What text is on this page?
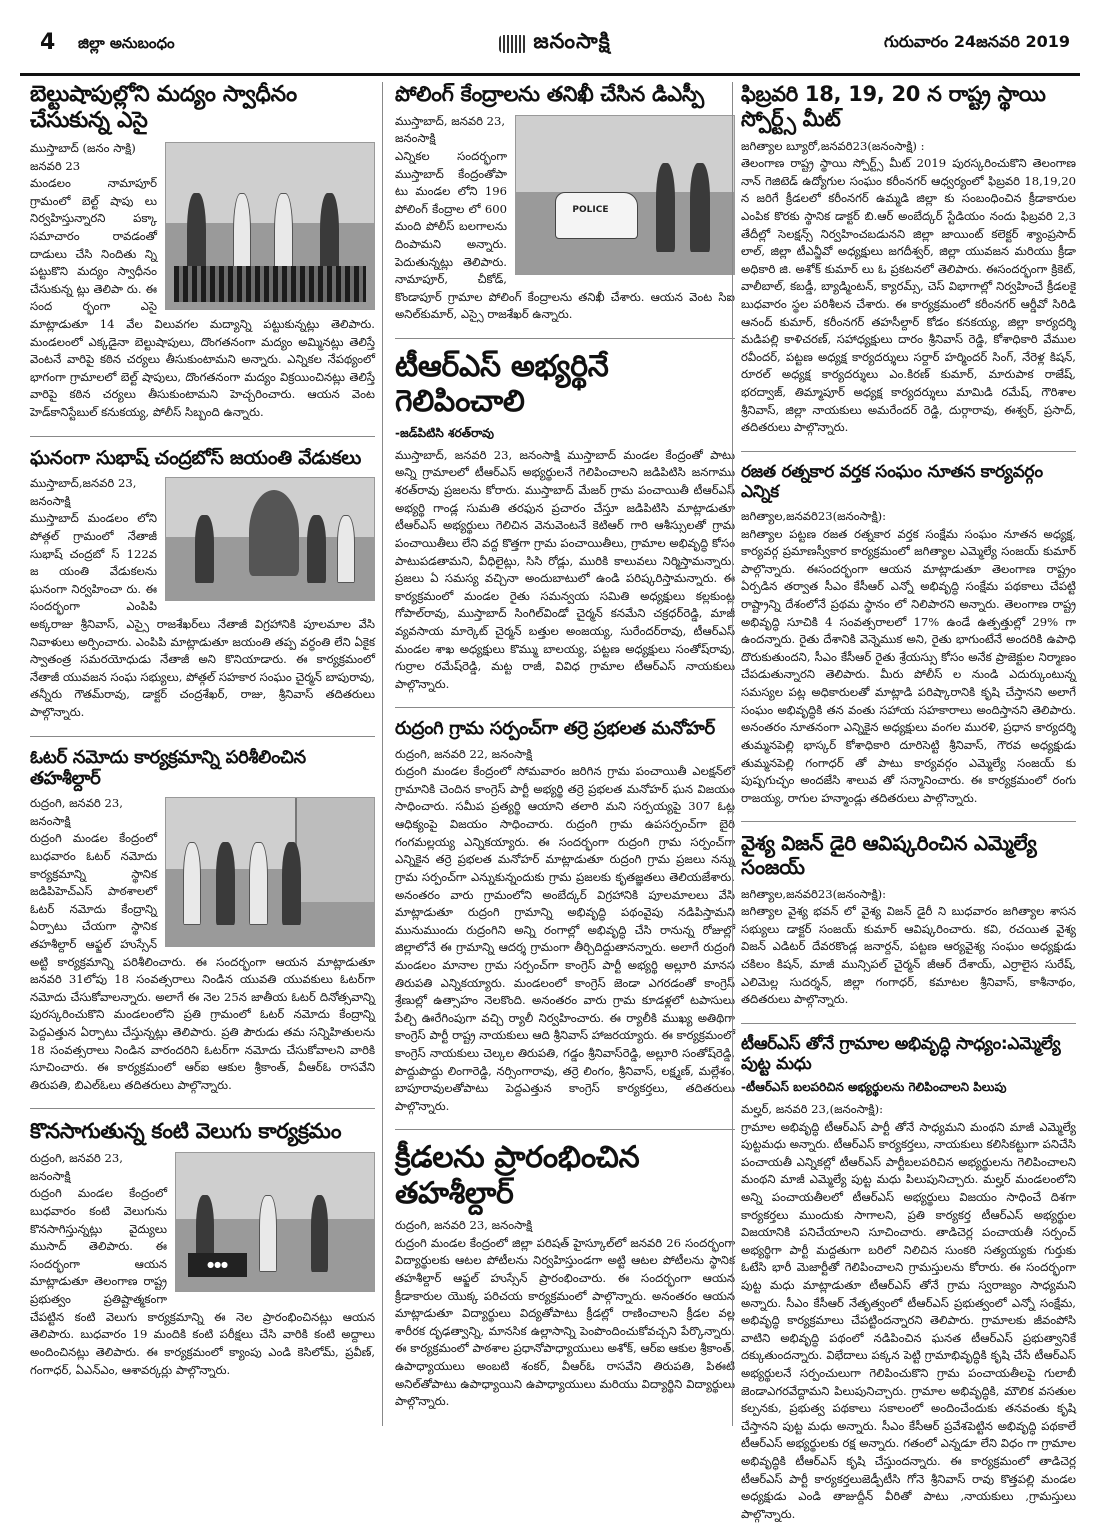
4 జిల్లా అనుబంధం	జనంసాక్షి	గురువారం 24జనవరి 2019
బెల్టుషాపుల్లోని మద్యం స్వాధీనం చేసుకున్న ఎసై
ముస్తాబాద్ (జనం సాక్షి) జనవరి 23
మండలం నామాపూర్ గ్రామంలో బెల్ట్ షాపు లు నిర్వహిస్తున్నారని పక్కా సమాచారం రావడంతో దాడులు చేసి నిందితు న్ని పట్టుకొని మద్యం స్వాధీనం చేసుకున్న ట్లు తెలిపా రు. ఈ సంద ర్భంగా ఎసై మాట్లాడుతూ 14 వేల విలువగల మద్యాన్ని పట్టుకున్నట్లు తెలిపారు. మండలంలో ఎక్కడైనా బెల్టుషాపులు, దొంగతనంగా మద్యం అమ్మినట్లు తెలిస్తే వెంటనే వారిపై కఠిన చర్యలు తీసుకుంటామని అన్నారు. ఎన్నికల నేపథ్యంలో భాగంగా గ్రామాలలో బెల్ట్ షాపులు, దొంగతనంగా మద్యం విక్రయించినట్లు తెలిస్తే వారిపై కఠిన చర్యలు తీసుకుంటామని హెచ్చరించారు. ఆయన వెంట హెడ్‌కానిస్టేబుల్ కనుకయ్య, పోలీస్ సిబ్బంది ఉన్నారు.
ఘనంగా సుభాష్ చంద్రబోస్ జయంతి వేడుకలు
ముస్తాబాద్,జనవరి 23, జనంసాక్షి
ముస్తాబాద్ మండలం లోని పోత్గల్ గ్రామంలో నేతాజీ సుభాష్ చంద్రబో స్ 122వ జ యంతి వేడుకలను ఘనంగా నిర్వహించా రు. ఈ సందర్భంగా ఎంపిపి అక్కరాజు శ్రీనివాస్, ఎస్సై రాజశేఖర్‌లు నేతాజీ విగ్రహానికి పూలమాల వేసి నివాళులు అర్పించారు. ఎంపిపి మాట్లాడుతూ జయంతి తప్ప వర్ధంతి లేని ఏకైక స్వాతంత్ర సమరయోధుడు నేతాజీ అని కొనియాడారు. ఈ కార్యక్రమంలో నేతాజీ యువజన సంఘ సభ్యులు, పోత్గల్ సహకార సంఘం చైర్మన్ బాపురావు, తన్నీరు గౌతమ్‌రావు, డాక్టర్ చంద్రశేఖర్, రాజు, శ్రీనివాస్ తదితరులు పాల్గొన్నారు.
ఓటర్ నమోదు కార్యక్రమాన్ని పరిశీలించిన తహశీల్దార్
రుద్రంగి, జనవరి 23, జనంసాక్షి
రుద్రంగి మండల కేంద్రంలో బుధవారం ఓటర్ నమోదు కార్యక్రమాన్ని స్థానిక జడిపిహెచ్ఎస్ పాఠశాలలో ఓటర్ నమోదు కేంద్రాన్ని ఏర్పాటు చేయగా స్థానిక తహశీల్దార్ ఆఫ్జల్ హుస్సేన్ అట్టి కార్యక్రమాన్ని పరిశీలించారు. ఈ సందర్భంగా ఆయన మాట్లాడుతూ జనవరి 31లోపు 18 సంవత్సరాలు నిండిన యువతి యువకులు ఓటర్‌గా నమోదు చేసుకోవాలన్నారు. అలాగే ఈ నెల 25న జాతీయ ఓటర్ దినోత్సవాన్ని పురస్కరించుకొని మండలంలోని ప్రతి గ్రామంలో ఓటర్ నమోదు కేంద్రాన్ని పెద్దఎత్తున ఏర్పాటు చేస్తున్నట్లు తెలిపారు. ప్రతి పౌరుడు తమ సన్నిహితులను 18 సంవత్సరాలు నిండిన వారందరిని ఓటర్‌గా నమోదు చేసుకోవాలని వారికి సూచించారు. ఈ కార్యక్రమంలో ఆర్ఐ ఆకుల శ్రీకాంత్, వీఆర్ఓ రాసవేని తిరుపతి, బిఎల్ఓలు తదితరులు పాల్గొన్నారు.
కొనసాగుతున్న కంటి వెలుగు కార్యక్రమం
●●●
రుద్రంగి, జనవరి 23, జనంసాక్షి
రుద్రంగి మండల కేంద్రంలో బుధవారం కంటి వెలుగును కొనసాగిస్తున్నట్లు వైద్యులు ముసాద్ తెలిపారు. ఈ సందర్భంగా ఆయన మాట్లాడుతూ తెలంగాణ రాష్ట్ర ప్రభుత్వం ప్రతిష్టాత్మకంగా చేపట్టిన కంటి వెలుగు కార్యక్రమాన్ని ఈ నెల ప్రారంభించినట్లు ఆయన తెలిపారు. బుధవారం 19 మందికి కంటి పరీక్షలు చేసి వారికి కంటి అద్దాలు అందించినట్లు తెలిపారు. ఈ కార్యక్రమంలో క్యాంపు ఎండి కెసిలోమ్, ప్రవీణ్, గంగాధర్, ఏఎన్ఎం, ఆశావర్కర్లు పాల్గొన్నారు.
పోలింగ్ కేంద్రాలను తనిఖీ చేసిన డిఎస్పీ
POLICE
ముస్తాబాద్, జనవరి 23, జనంసాక్షి
ఎన్నికల సందర్భంగా ముస్తాబాద్ కేంద్రంతోపా టు మండల లోని 196 పోలింగ్ కేంద్రాల లో 600 మంది పోలీస్ బలగాలను దింపామని అన్నారు. పెదుతున్నట్లు తెలిపారు. నామాపూర్, చీకోడ్, కొండాపూర్ గ్రామాల పోలింగ్ కేంద్రాలను తనిఖీ చేశారు. ఆయన వెంట సిఐ అనిల్‌కుమార్, ఎస్సై రాజశేఖర్ ఉన్నారు.
టీఆర్ఎస్ అభ్యర్థినే గెలిపించాలి
-జడ్‌పిటిసి శరత్‌రావు
ముస్తాబాద్, జనవరి 23, జనంసాక్షి ముస్తాబాద్ మండల కేంద్రంతో పాటు అన్ని గ్రామాలలో టీఆర్ఎస్ అభ్యర్థులనే గెలిపించాలని జడిపిటిసి జనగాము శరత్‌రావు ప్రజలను కోరారు. ముస్తాబాద్ మేజర్ గ్రామ పంచాయితీ టీఆర్ఎస్ అభ్యర్థి గాండ్ల సుమతి తరఫున ప్రచారం చేస్తూ జడిపిటిసి మాట్లాడుతూ టీఆర్ఎస్ అభ్యర్థులు గెలిచిన వెనువెంటనే కెటిఆర్ గారి ఆశీస్సులతో గ్రామ పంచాయితీలు లేని వద్ద కొత్తగా గ్రామ పంచాయితీలు, గ్రామాల అభివృద్ధి కోసం పాటుపడతామని, వీధిలైట్లు, సిసి రోడ్లు, మురికి కాలువలు నిర్మిస్తామన్నారు. ప్రజలు ఏ సమస్య వచ్చినా అందుబాటులో ఉండి పరిష్కరిస్తామన్నారు. ఈ కార్యక్రమంలో మండల రైతు సమన్వయ సమితి అధ్యక్షులు కల్లకుంట్ల గోపాల్‌రావు, ముస్తాబాద్ సింగిల్‌విండో చైర్మన్ కనమేని చక్రధర్‌రెడ్డి, మాజీ వ్యవసాయ మార్కెట్ చైర్మన్ బత్తుల అంజయ్య, సురేందర్‌రావు, టీఆర్ఎస్ మండల శాఖ అధ్యక్షులు కొమ్ము బాలయ్య, పట్టణ అధ్యక్షులు సంతోష్‌రావు, గుర్రాల రమేష్‌రెడ్డి, మట్ట రాజీ, వివిధ గ్రామాల టీఆర్ఎస్ నాయకులు పాల్గొన్నారు.
రుద్రంగి గ్రామ సర్పంచ్‌గా తర్రె ప్రభలత మనోహర్
రుద్రంగి, జనవరి 22, జనంసాక్షి
రుద్రంగి మండల కేంద్రంలో సోమవారం జరిగిన గ్రామ పంచాయితీ ఎలక్షన్‌లో గ్రామానికి చెందిన కాంగ్రెస్ పార్టీ అభ్యర్థి తర్రె ప్రభలత మనోహర్ ఘన విజయం సాధించారు. సమీప ప్రత్యర్థి ఆయాని తలారి మని సర్పయ్యపై 307 ఓట్ల ఆధిక్యంపై విజయం సాధించారు. రుద్రంగి గ్రామ ఉపసర్పంచ్‌గా బైరి గంగమల్లయ్య ఎన్నికయ్యారు. ఈ సందర్భంగా రుద్రంగి గ్రామ సర్పంచ్‌గా ఎన్నికైన తర్రె ప్రభలత మనోహర్ మాట్లాడుతూ రుద్రంగి గ్రామ ప్రజలు నన్ను గ్రామ సర్పంచ్‌గా ఎన్నుకున్నందుకు గ్రామ ప్రజలకు కృతజ్ఞతలు తెలియజేశారు. అనంతరం వారు గ్రామంలోని అంబేద్కర్ విగ్రహానికి పూలమాలలు వేసి మాట్లాడుతూ రుద్రంగి గ్రామాన్ని అభివృద్ధి పథంవైపు నడిపిస్తామని మునుముందు రుద్రంగిని అన్ని రంగాల్లో అభివృద్ధి చేసి రానున్న రోజుల్లో జిల్లాలోనే ఈ గ్రామాన్ని ఆదర్శ గ్రామంగా తీర్చిదిద్దుతానన్నారు. అలాగే రుద్రంగి మండలం మానాల గ్రామ సర్పంచ్‌గా కాంగ్రెస్ పార్టీ అభ్యర్థి అల్లూరి మానస తిరుపతి ఎన్నికయ్యారు. మండలంలో కాంగ్రెస్ జెండా ఎగరడంతో కాంగ్రెస్ శ్రేణుల్లో ఉత్సాహం నెలకొంది. అనంతరం వారు గ్రామ కూడళ్లలో టపాసులు పేల్చి ఊరేగింపుగా వచ్చి ర్యాలీ నిర్వహించారు. ఈ ర్యాలీకి ముఖ్య అతిథిగా కాంగ్రెస్ పార్టీ రాష్ట్ర నాయకులు ఆది శ్రీనివాస్ హాజరయ్యారు. ఈ కార్యక్రమంలో కాంగ్రెస్ నాయకులు చెల్కల తిరుపతి, గడ్డం శ్రీనివాస్‌రెడ్డి, అల్లూరి సంతోష్‌రెడ్డి, పొద్దుపొద్దు లింగారెడ్డి, నర్సింగారావు, తర్రె లింగం, శ్రీనివాస్, లక్ష్మణ్, మల్లేశం, బాపూరావులతోపాటు పెద్దఎత్తున కాంగ్రెస్ కార్యకర్తలు, తదితరులు పాల్గొన్నారు.
క్రీడలను ప్రారంభించిన తహశీల్దార్
రుద్రంగి, జనవరి 23, జనంసాక్షి
రుద్రంగి మండల కేంద్రంలో జిల్లా పరిషత్ హైస్కూల్‌లో జనవరి 26 సందర్భంగా విద్యార్థులకు ఆటల పోటీలను నిర్వహిస్తుండగా అట్టి ఆటల పోటీలను స్థానిక తహశీల్దార్ ఆఫ్జల్ హుస్సేన్ ప్రారంభించారు. ఈ సందర్భంగా ఆయన క్రీడాకారుల యొక్క పరిచయ కార్యక్రమంలో పాల్గొన్నారు. అనంతరం ఆయన మాట్లాడుతూ విద్యార్థులు విద్యతోపాటు క్రీడల్లో రాణించాలని క్రీడల వల్ల శారీరక దృఢత్వాన్ని, మానసిక ఉల్లాసాన్ని పెంపొందించుకోవచ్చని పేర్కొన్నారు. ఈ కార్యక్రమంలో పాఠశాల ప్రధానోపాధ్యాయులు అశోక్, ఆర్ఐ ఆకుల శ్రీకాంత్, ఉపాధ్యాయులు అంబటి శంకర్, వీఆర్ఓ రాసవేని తిరుపతి, పిఈటి అనిల్‌తోపాటు ఉపాధ్యాయిని ఉపాధ్యాయులు మరియు విద్యార్థిని విద్యార్థులు పాల్గొన్నారు.
ఫిబ్రవరి 18, 19, 20 న రాష్ట్ర స్థాయి స్పోర్ట్స్ మీట్
జగిత్యాల బ్యూరో,జనవరి23(జనంసాక్షి) :
తెలంగాణ రాష్ట్ర స్థాయి స్పోర్ట్స్ మీట్ 2019 పురస్కరించుకొని తెలంగాణ నాన్ గెజిటెడ్ ఉద్యోగుల సంఘం కరీంనగర్ ఆధ్వర్యంలో ఫిబ్రవరి 18,19,20 న జరిగే క్రీడలలో కరీంనగర్ ఉమ్మడి జిల్లా కు సంబంధించిన క్రీడాకారుల ఎంపిక కొరకు స్థానిక డాక్టర్ బి.ఆర్ అంబేద్కర్ స్టేడియం నందు ఫిబ్రవరి 2,3 తేదీల్లో సెలక్షన్స్ నిర్వహించబడునని జిల్లా జాయింట్ కలెక్టర్ శ్యాంప్రసాద్ లాల్, జిల్లా టీఎన్జీవో అధ్యక్షులు జగదీశ్వర్, జిల్లా యువజన మరియు క్రీడా అధికారి జి. అశోక్ కుమార్ లు ఓ ప్రకటనలో తెలిపారు. ఈసందర్భంగా క్రికెట్, వాలీబాల్, కబడ్డీ, బ్యాడ్మింటన్, క్యారమ్స్, చెస్ విభాగాల్లో నిర్వహించే క్రీడలకై బుధవారం స్థల పరిశీలన చేశారు. ఈ కార్యక్రమంలో కరీంనగర్ ఆర్డీవో సిరిడి ఆనంద్ కుమార్, కరీంనగర్ తహసీల్దార్ కోడం కనకయ్య, జిల్లా కార్యదర్శి మడిపల్లి కాళిచరణ్, సహాధ్యక్షులు దారం శ్రీనివాస్ రెడ్డి, కోశాధికారి వేముల రవీందర్, పట్టణ అధ్యక్ష కార్యదర్శులు సర్దార్ హర్మిందర్ సింగ్, నేరెళ్ల కిషన్, రూరల్ అధ్యక్ష కార్యదర్శులు ఎం.కిరణ్ కుమార్, మారుపాక రాజేష్, భరద్వాజ్, తిమ్మాపూర్ అధ్యక్ష కార్యదర్శులు మామిడి రమేష్, గౌరిశాల శ్రీనివాస్, జిల్లా నాయకులు అమరేందర్ రెడ్డి, దుర్గారావు, ఈశ్వర్, ప్రసాద్, తదితరులు పాల్గొన్నారు.
రజత రత్నకార వర్తక సంఘం నూతన కార్యవర్గం ఎన్నిక
జగిత్యాల,జనవరి23(జనంసాక్షి):
జగిత్యాల పట్టణ రజత రత్నకార వర్తక సంక్షేమ సంఘం నూతన అధ్యక్ష, కార్యవర్గ ప్రమాణస్వీకార కార్యక్రమంలో జగిత్యాల ఎమ్మెల్యే సంజయ్ కుమార్ పాల్గొన్నారు. ఈసందర్భంగా ఆయన మాట్లాడుతూ తెలంగాణ రాష్ట్రం ఏర్పడిన తర్వాత సీఎం కేసీఆర్ ఎన్నో అభివృద్ధి సంక్షేమ పథకాలు చేపట్టి రాష్ట్రాన్ని దేశంలోనే ప్రథమ స్థానం లో నిలిపారని అన్నారు. తెలంగాణ రాష్ట్ర అభివృద్ధి సూచికి 4 సంవత్సరాలలో 17% ఉండే ఉత్పత్తుల్లో 29% గా ఉందన్నారు. రైతు దేశానికి వెన్నెముక అని, రైతు భాగుంటేనే అందరికి ఉపాధి దొరుకుతుందని, సీఎం కేసీఆర్ రైతు శ్రేయస్సు కోసం అనేక ప్రాజెక్టుల నిర్మాణం చేపడుతున్నారని తెలిపారు. మీరు పోలీస్ ల నుండి ఎదుర్కుంటున్న సమస్యల పట్ల అధికారులతో మాట్లాడి పరిష్కారానికి కృషి చేస్తానని అలాగే సంఘం అభివృద్ధికి తన వంతు సహాయ సహకారాలు అందిస్తానని తెలిపారు. అనంతరం నూతనంగా ఎన్నికైన అధ్యక్షులు వంగల మురళి, ప్రధాన కార్యదర్శి తుమ్మనపెల్లి భాస్కర్ కోశాధికారి దూరిసెట్టి శ్రీనివాస్, గౌరవ అధ్యక్షుడు తుమ్మనపెల్లి గంగాధర్ తో పాటు కార్యవర్గం ఎమ్మెల్యే సంజయ్ కు పుష్పగుచ్ఛం అందజేసి శాలువ తో సన్మానించారు. ఈ కార్యక్రమంలో రంగు రాజయ్య, రాగుల హన్మాండ్లు తదితరులు పాల్గొన్నారు.
వైశ్య విజన్ డైరి ఆవిష్కరించిన ఎమ్మెల్యే సంజయ్
జగిత్యాల,జనవరి23(జనంసాక్షి):
జగిత్యాల వైశ్య భవన్ లో వైశ్య విజన్ డైరీ ని బుధవారం జగిత్యాల శాసన సభ్యులు డాక్టర్ సంజయ్ కుమార్ ఆవిష్కరించారు. కవి, రచయిత వైశ్య విజన్ ఎడిటర్ దేవరకొండ్ల జనార్దన్, పట్టణ ఆర్యవైశ్య సంఘం అధ్యక్షుడు చకిలం కిషన్, మాజీ మున్సిపల్ చైర్మన్ జీఆర్ దేశాయ్, ఎర్రాలైస సురేష్, ఎలిమెల్ల సుదర్శన్, జిల్లా గంగాధర్, కమాటల శ్రీనివాస్, కాశీనాథం, తదితరులు పాల్గొన్నారు.
టీఆర్ఎస్ తోనే గ్రామాల అభివృద్ధి సాధ్యం:ఎమ్మెల్యే పుట్ట మధు
-టీఆర్ఎస్ బలపరిచిన అభ్యర్థులను గెలిపించాలని పిలుపు
మల్హర్, జనవరి 23,(జనంసాక్షి):
గ్రామాల అభివృద్ధి టీఆర్ఎస్ పార్టీ తోనే సాధ్యమని మంథని మాజీ ఎమ్మెల్యే పుట్టమధు అన్నారు. టీఆర్ఎస్ కార్యకర్తలు, నాయకులు కలిసికట్టుగా పనిచేసి పంచాయతీ ఎన్నికల్లో టీఆర్ఎస్ పార్టీబలపరిచిన అభ్యర్థులను గెలిపించాలని మంథని మాజీ ఎమ్మెల్యే పుట్ట మధు పిలుపునిచ్చారు. మల్హర్ మండలంలోని అన్ని పంచాయతీలలో టీఆర్ఎస్ అభ్యర్థులు విజయం సాధించే దిశగా కార్యకర్తలు ముందుకు సాగాలని, ప్రతి కార్యకర్త టీఆర్ఎస్ అభ్యర్థుల విజయానికి పనిచేయాలని సూచించారు. తాడిచెర్ల పంచాయతీ సర్పంచ్ అభ్యర్థిగా పార్టీ మద్దతుగా బరిలో నిలిచిన సుంకరి సత్యయ్యకు గుర్తుకు ఓటేసి భారీ మెజార్టీతో గెలిపించాలని గ్రామస్తులను కోరారు. ఈ సందర్భంగా పుట్ట మధు మాట్లాడుతూ టీఆర్ఎస్ తోనే గ్రామ స్వరాజ్యం సాధ్యమని అన్నారు. సీఎం కేసీఆర్ నేతృత్వంలో టీఆర్ఎస్ ప్రభుత్వంలో ఎన్నో సంక్షేమ, అభివృద్ధి కార్యక్రమాలు చేపట్టిందన్నారని తెలిపారు. గ్రామాలకు జీవంపోసి వాటిని అభివృద్ధి పథంలో నడిపించిన ఘనత టీఆర్ఎస్ ప్రభుత్వానికే దక్కుతుందన్నారు. విభేదాలు పక్కన పెట్టి గ్రామాభివృద్ధికి కృషి చేసే టీఆర్ఎస్ అభ్యర్థులనే సర్పంచులుగా గెలిపించుకొని గ్రామ పంచాయతీలపై గులాబీ జెండాఎగరవేద్దామని పిలుపునిచ్చారు. గ్రామాల అభివృద్ధికి, మౌలిక వసతుల కల్పనకు, ప్రభుత్వ పథకాలు సకాలంలో అందించేందుకు తనవంతు కృషి చేస్తానని పుట్ట మధు అన్నారు. సీఎం కేసీఆర్ ప్రవేశపెట్టిన అభివృద్ధి పథకాలే టీఆర్ఎస్ అభ్యర్థులకు రక్ష అన్నారు. గతంలో ఎన్నడూ లేని విధం గా గ్రామాల అభివృద్ధికి టీఆర్ఎస్ కృషి చేస్తుందన్నారు. ఈ కార్యక్రమంలో తాడిచెర్ల టీఆర్ఎస్ పార్టీ కార్యకర్తలుజెడ్పీటీసి గోనె శ్రీనివాస్ రావు కొత్తపల్లి మండల అధ్యక్షుడు ఎండి తాజుద్దీన్ వీరితో పాటు ,నాయకులు ,గ్రామస్తులు పాల్గొన్నారు.
